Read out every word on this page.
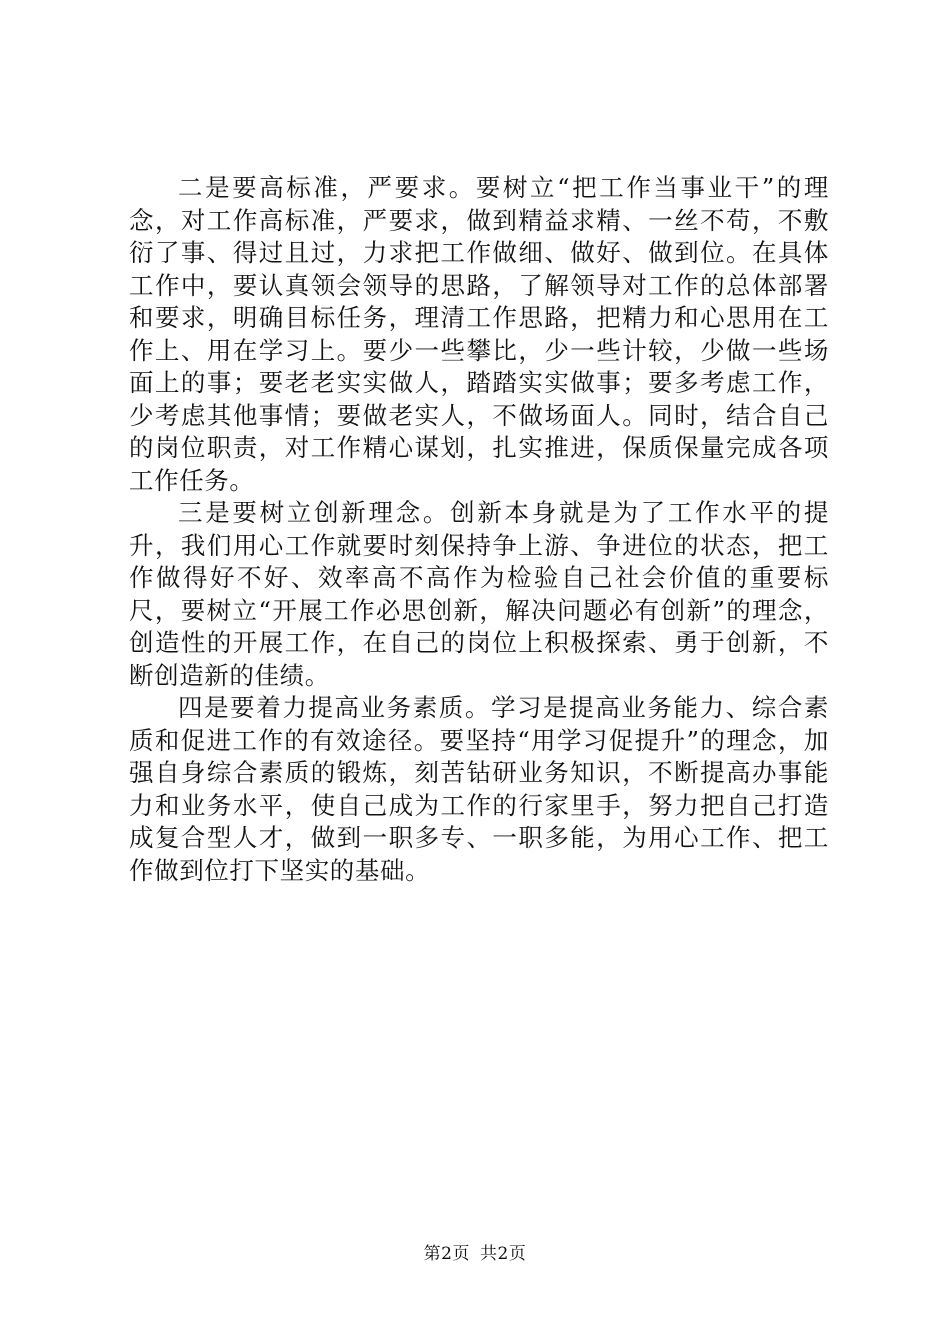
二是要高标准，严要求。要树立“把工作当事业干”的理念，对工作高标准，严要求，做到精益求精、一丝不苟，不敷衍了事、得过且过，力求把工作做细、做好、做到位。在具体工作中，要认真领会领导的思路，了解领导对工作的总体部署和要求，明确目标任务，理清工作思路，把精力和心思用在工作上、用在学习上。要少一些攀比，少一些计较，少做一些场面上的事；要老老实实做人，踏踏实实做事；要多考虑工作，少考虑其他事情；要做老实人，不做场面人。同时，结合自己的岗位职责，对工作精心谋划，扎实推进，保质保量完成各项工作任务。

三是要树立创新理念。创新本身就是为了工作水平的提升，我们用心工作就要时刻保持争上游、争进位的状态，把工作做得好不好、效率高不高作为检验自己社会价值的重要标尺，要树立“开展工作必思创新，解决问题必有创新”的理念，创造性的开展工作，在自己的岗位上积极探索、勇于创新，不断创造新的佳绩。

四是要着力提高业务素质。学习是提高业务能力、综合素质和促进工作的有效途径。要坚持“用学习促提升”的理念，加强自身综合素质的锻炼，刻苦钻研业务知识，不断提高办事能力和业务水平，使自己成为工作的行家里手，努力把自己打造成复合型人才，做到一职多专、一职多能，为用心工作、把工作做到位打下坚实的基础。

第2页 共2页
